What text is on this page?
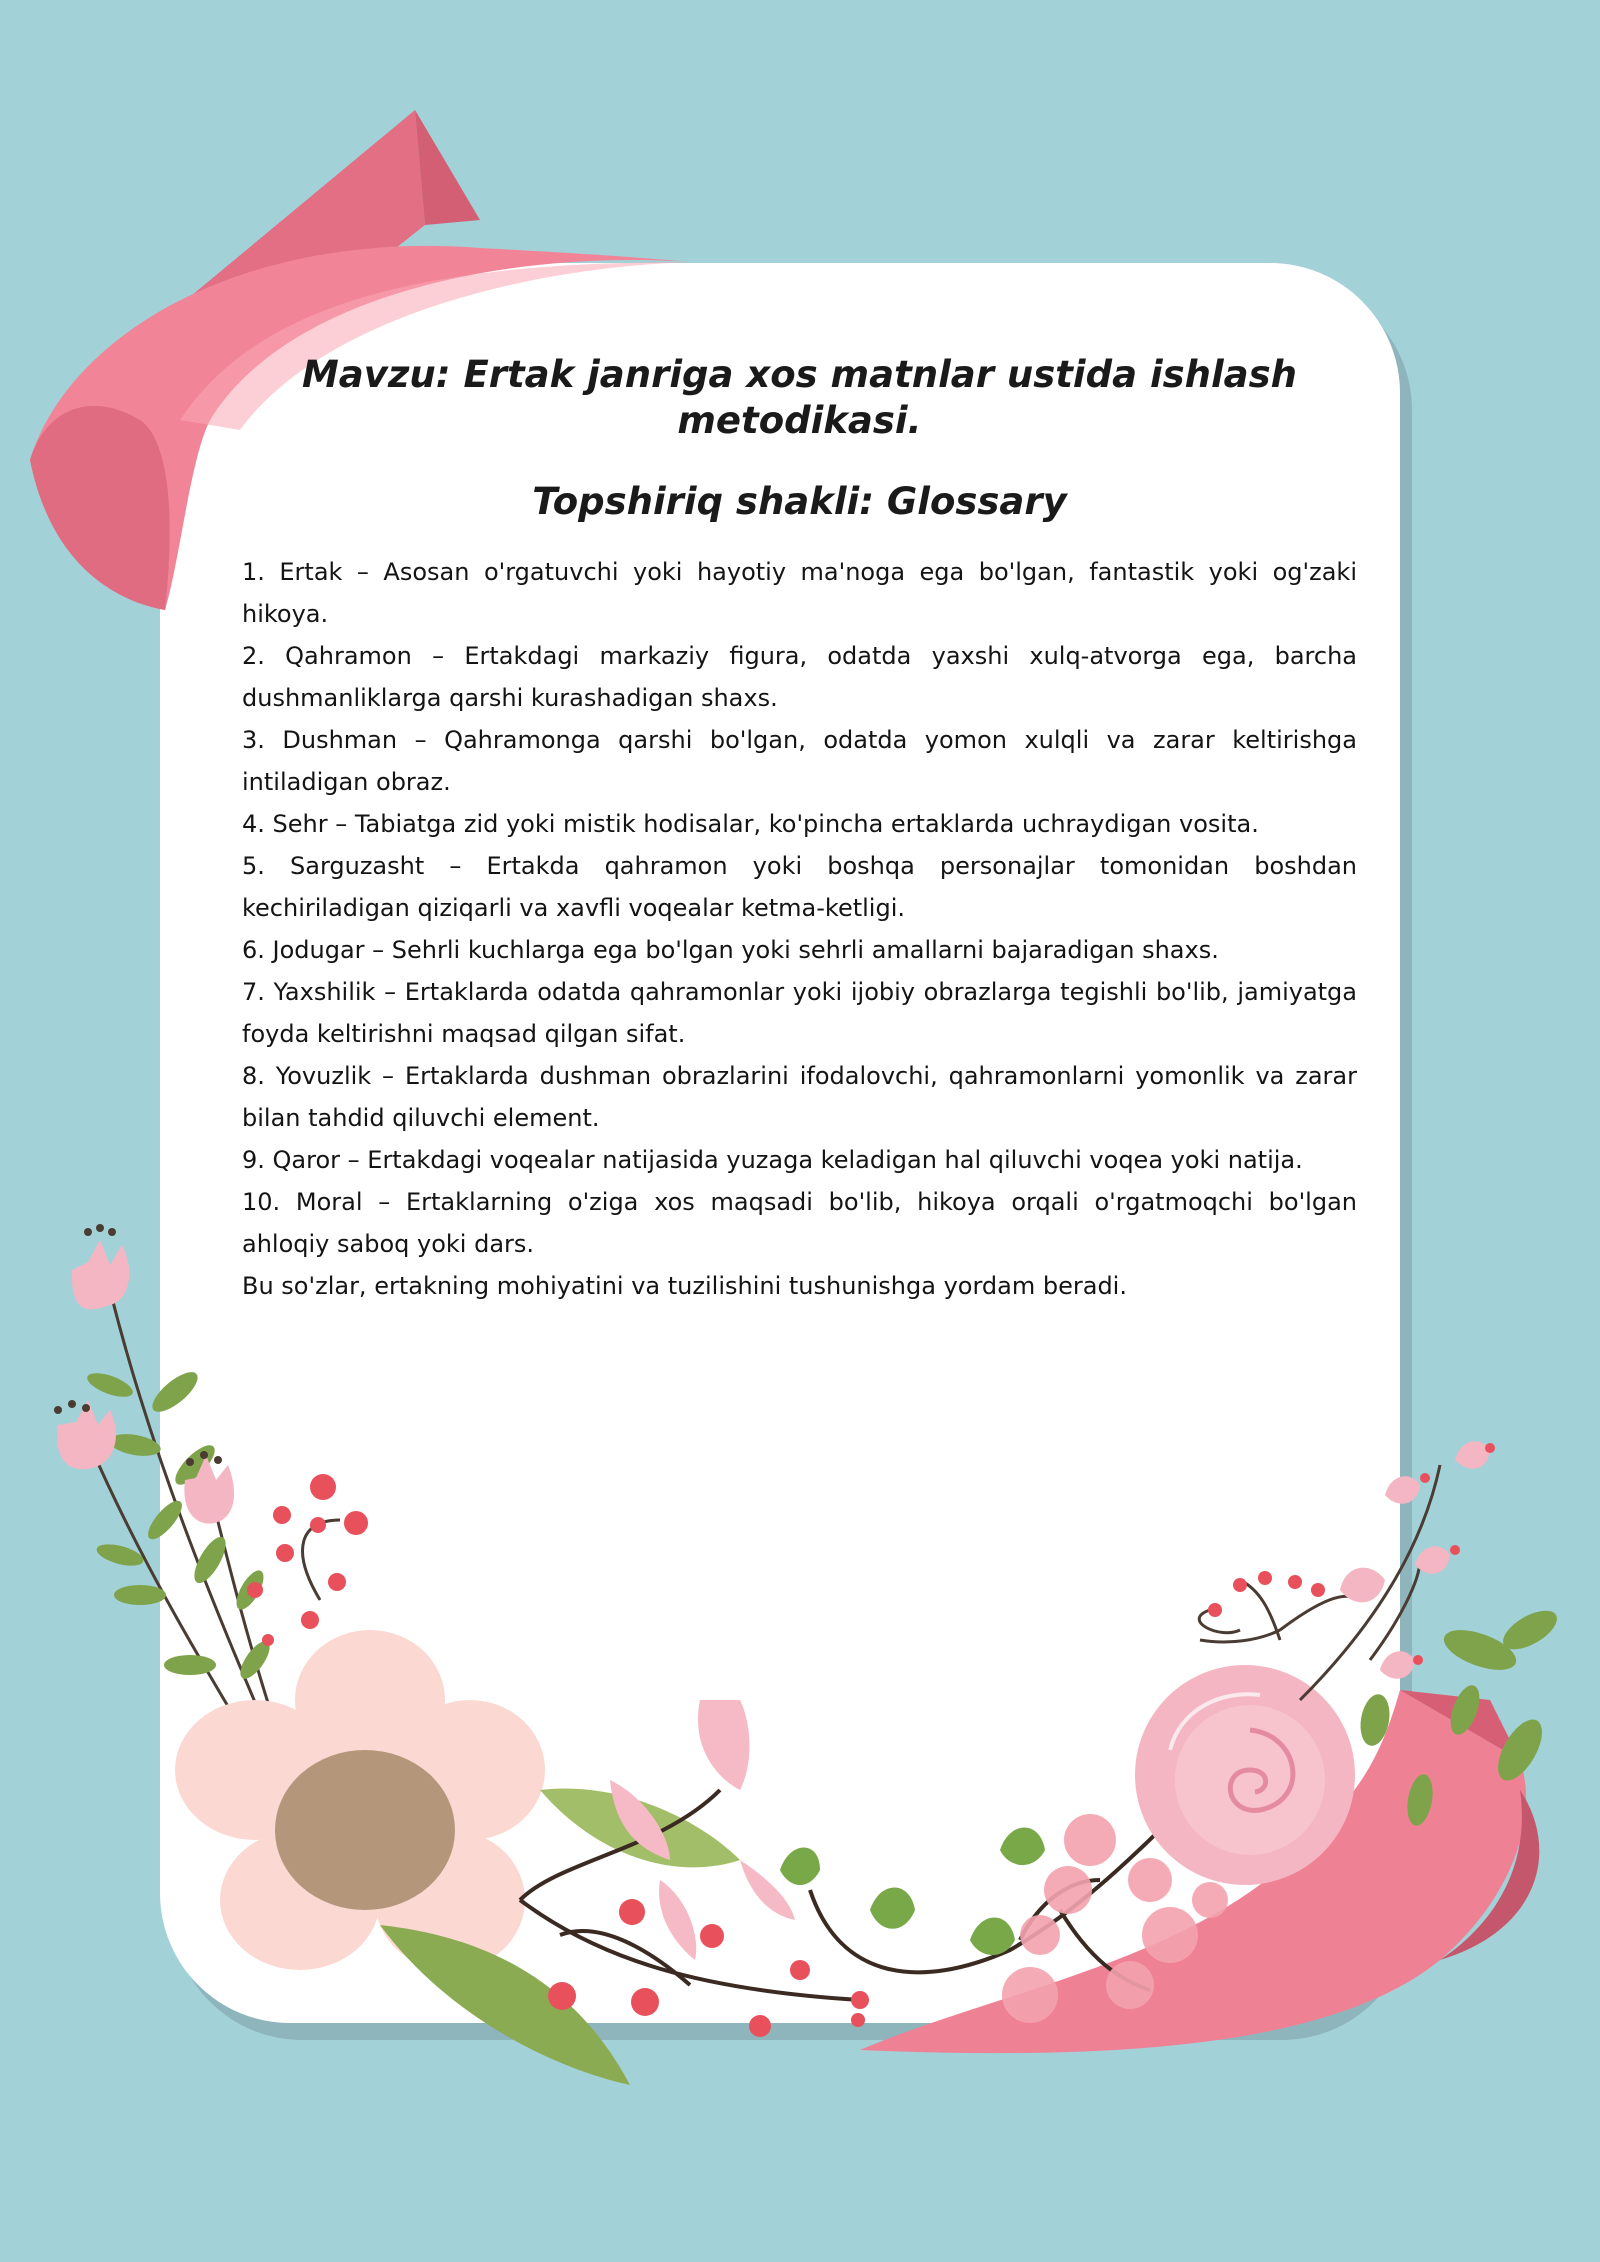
Mavzu: Ertak janriga xos matnlar ustida ishlash metodikasi.
Topshiriq shakli: Glossary

1. Ertak – Asosan o'rgatuvchi yoki hayotiy ma'noga ega bo'lgan, fantastik yoki og'zaki hikoya.

2. Qahramon – Ertakdagi markaziy figura, odatda yaxshi xulq-atvorga ega, barcha dushmanliklarga qarshi kurashadigan shaxs.

3. Dushman – Qahramonga qarshi bo'lgan, odatda yomon xulqli va zarar keltirishga intiladigan obraz.

4. Sehr – Tabiatga zid yoki mistik hodisalar, ko'pincha ertaklarda uchraydigan vosita.

5. Sarguzasht – Ertakda qahramon yoki boshqa personajlar tomonidan boshdan kechiriladigan qiziqarli va xavfli voqealar ketma-ketligi.

6. Jodugar – Sehrli kuchlarga ega bo'lgan yoki sehrli amallarni bajaradigan shaxs.

7. Yaxshilik – Ertaklarda odatda qahramonlar yoki ijobiy obrazlarga tegishli bo'lib, jamiyatga foyda keltirishni maqsad qilgan sifat.

8. Yovuzlik – Ertaklarda dushman obrazlarini ifodalovchi, qahramonlarni yomonlik va zarar bilan tahdid qiluvchi element.

9. Qaror – Ertakdagi voqealar natijasida yuzaga keladigan hal qiluvchi voqea yoki natija.

10. Moral – Ertaklarning o'ziga xos maqsadi bo'lib, hikoya orqali o'rgatmoqchi bo'lgan ahloqiy saboq yoki dars.

Bu so'zlar, ertakning mohiyatini va tuzilishini tushunishga yordam beradi.
